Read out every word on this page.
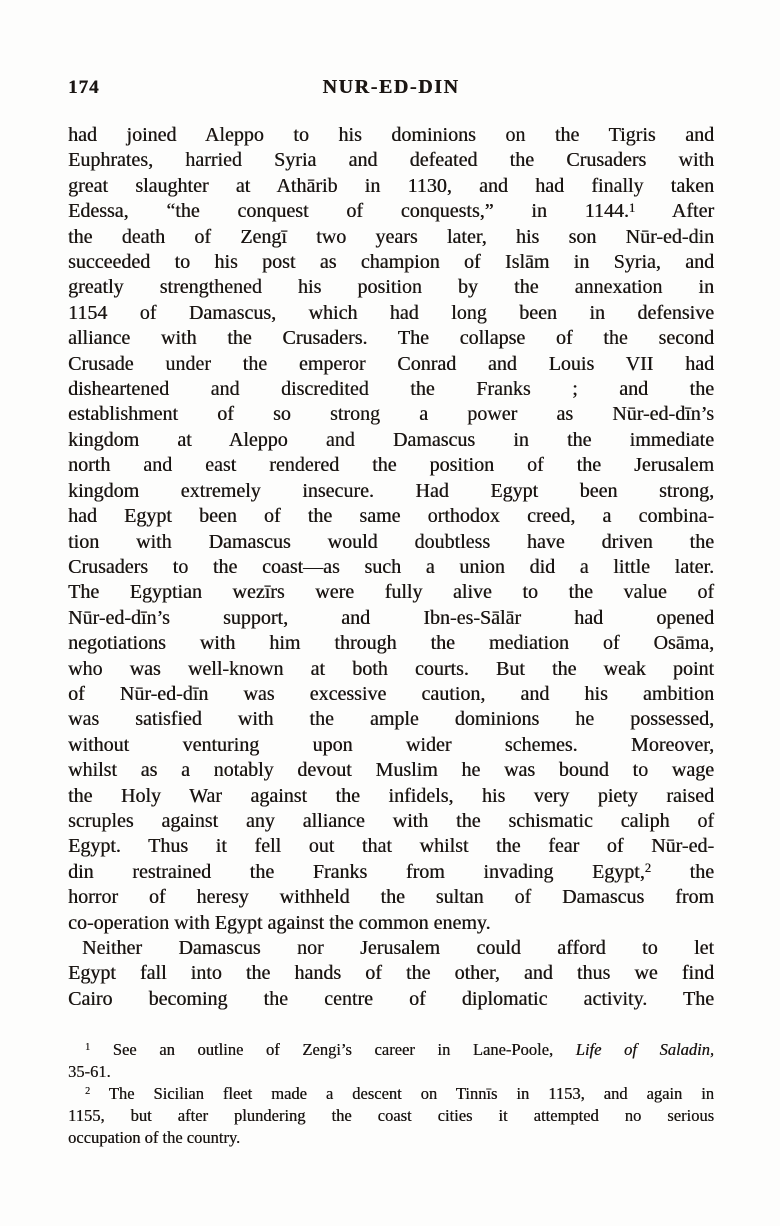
174	NUR-ED-DIN
had joined Aleppo to his dominions on the Tigris and
Euphrates, harried Syria and defeated the Crusaders with
great slaughter at Athārib in 1130, and had finally taken
Edessa, “the conquest of conquests,” in 1144.$^1$ After
the death of Zengī two years later, his son Nūr-ed-din
succeeded to his post as champion of Islām in Syria, and
greatly strengthened his position by the annexation in
1154 of Damascus, which had long been in defensive
alliance with the Crusaders. The collapse of the second
Crusade under the emperor Conrad and Louis VII had
disheartened and discredited the Franks ; and the
establishment of so strong a power as Nūr-ed-dīn’s
kingdom at Aleppo and Damascus in the immediate
north and east rendered the position of the Jerusalem
kingdom extremely insecure. Had Egypt been strong,
had Egypt been of the same orthodox creed, a combina-
tion with Damascus would doubtless have driven the
Crusaders to the coast—as such a union did a little later.
The Egyptian wezīrs were fully alive to the value of
Nūr-ed-dīn’s support, and Ibn-es-Sālār had opened
negotiations with him through the mediation of Osāma,
who was well-known at both courts. But the weak point
of Nūr-ed-dīn was excessive caution, and his ambition
was satisfied with the ample dominions he possessed,
without venturing upon wider schemes. Moreover,
whilst as a notably devout Muslim he was bound to wage
the Holy War against the infidels, his very piety raised
scruples against any alliance with the schismatic caliph of
Egypt. Thus it fell out that whilst the fear of Nūr-ed-
din restrained the Franks from invading Egypt,$^2$ the
horror of heresy withheld the sultan of Damascus from
co-operation with Egypt against the common enemy.
Neither Damascus nor Jerusalem could afford to let
Egypt fall into the hands of the other, and thus we find
Cairo becoming the centre of diplomatic activity. The
$^1$ See an outline of Zengi’s career in Lane-Poole, Life of Saladin,
35-61.
$^2$ The Sicilian fleet made a descent on Tinnīs in 1153, and again in
1155, but after plundering the coast cities it attempted no serious
occupation of the country.
